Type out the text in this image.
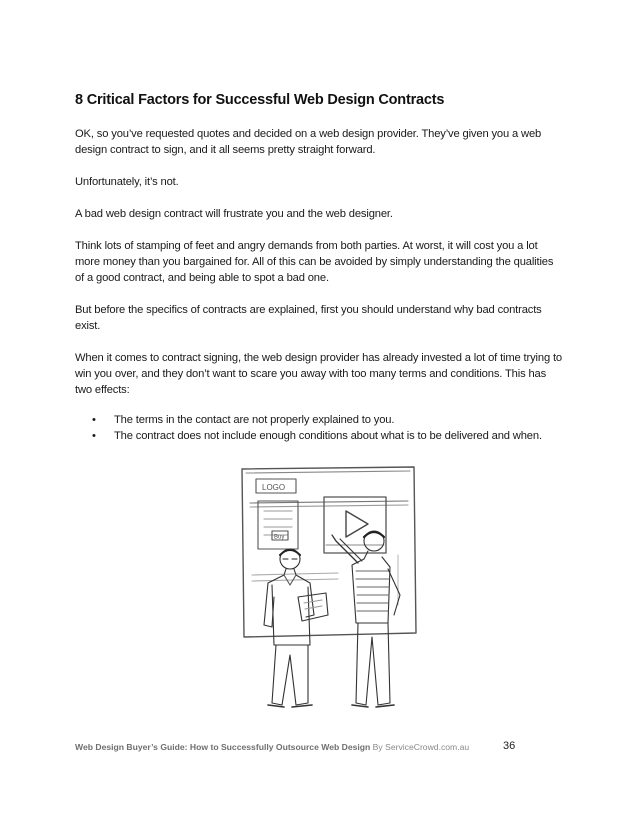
8 Critical Factors for Successful Web Design Contracts

OK, so you’ve requested quotes and decided on a web design provider. They’ve given you a web design contract to sign, and it all seems pretty straight forward.

Unfortunately, it’s not.

A bad web design contract will frustrate you and the web designer.

Think lots of stamping of feet and angry demands from both parties. At worst, it will cost you a lot more money than you bargained for. All of this can be avoided by simply understanding the qualities of a good contract, and being able to spot a bad one.

But before the specifics of contracts are explained, first you should understand why bad contracts exist.

When it comes to contract signing, the web design provider has already invested a lot of time trying to win you over, and they don’t want to scare you away with too many terms and conditions. This has two effects:

• The terms in the contact are not properly explained to you.
• The contract does not include enough conditions about what is to be delivered and when.
LOGO
Buy
Web Design Buyer’s Guide: How to Successfully Outsource Web Design By ServiceCrowd.com.au	36
